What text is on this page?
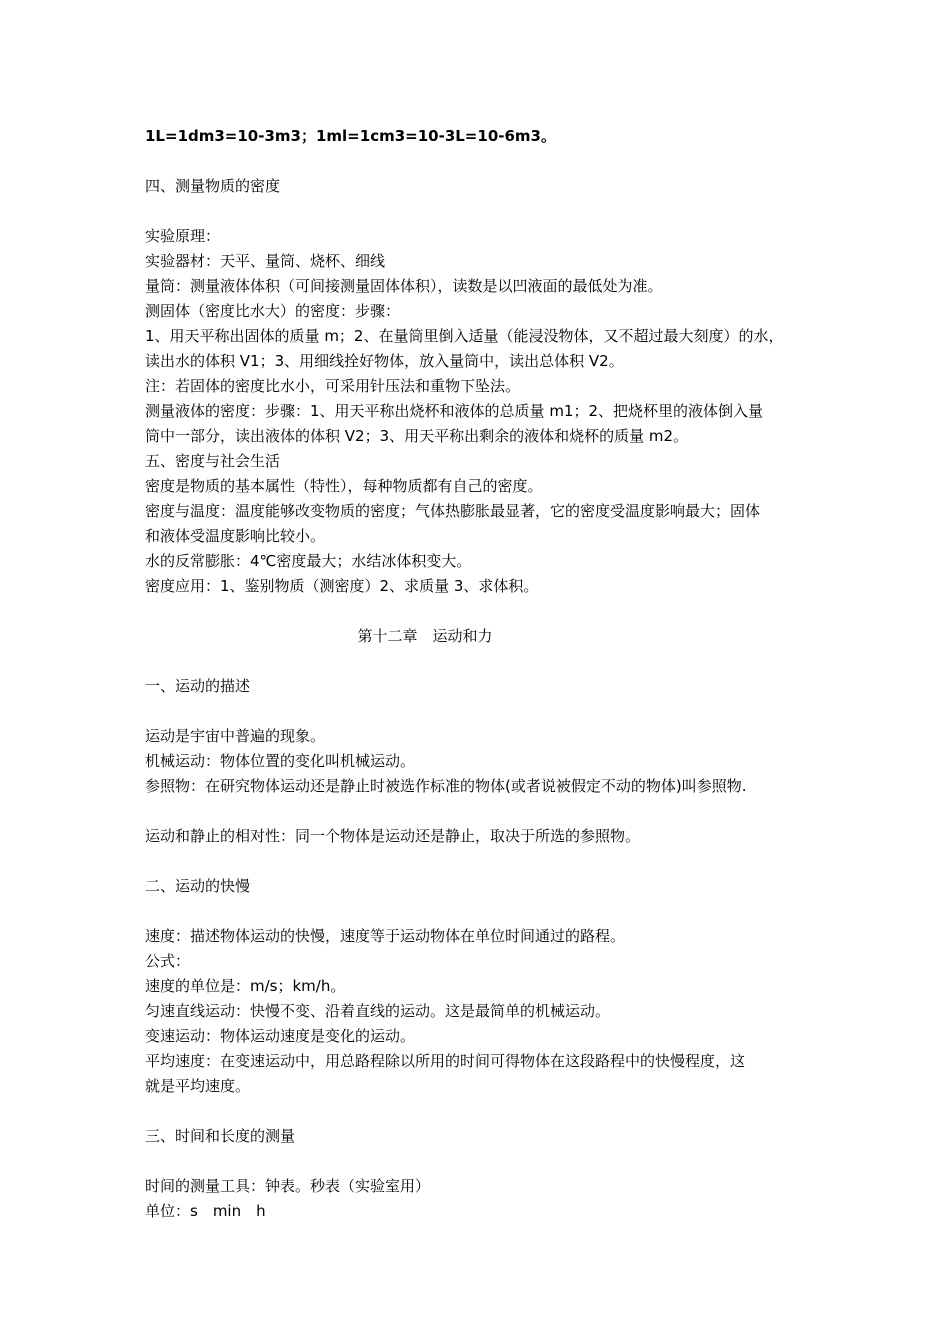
1L=1dm3=10-3m3；1ml=1cm3=10-3L=10-6m3。
四、测量物质的密度
实验原理：
实验器材：天平、量筒、烧杯、细线
量筒：测量液体体积（可间接测量固体体积），读数是以凹液面的最低处为准。
测固体（密度比水大）的密度：步骤：
1、用天平称出固体的质量 m；2、在量筒里倒入适量（能浸没物体，又不超过最大刻度）的水，
读出水的体积 V1；3、用细线拴好物体，放入量筒中，读出总体积 V2。
注：若固体的密度比水小，可采用针压法和重物下坠法。
测量液体的密度：步骤：1、用天平称出烧杯和液体的总质量 m1；2、把烧杯里的液体倒入量
筒中一部分，读出液体的体积 V2；3、用天平称出剩余的液体和烧杯的质量 m2。
五、密度与社会生活
密度是物质的基本属性（特性），每种物质都有自己的密度。
密度与温度：温度能够改变物质的密度；气体热膨胀最显著，它的密度受温度影响最大；固体
和液体受温度影响比较小。
水的反常膨胀：4℃密度最大；水结冰体积变大。
密度应用：1、鉴别物质（测密度）2、求质量 3、求体积。
第十二章　运动和力
一、运动的描述
运动是宇宙中普遍的现象。
机械运动：物体位置的变化叫机械运动。
参照物：在研究物体运动还是静止时被选作标准的物体(或者说被假定不动的物体)叫参照物.
运动和静止的相对性：同一个物体是运动还是静止，取决于所选的参照物。
二、运动的快慢
速度：描述物体运动的快慢，速度等于运动物体在单位时间通过的路程。
公式：
速度的单位是：m/s；km/h。
匀速直线运动：快慢不变、沿着直线的运动。这是最简单的机械运动。
变速运动：物体运动速度是变化的运动。
平均速度：在变速运动中，用总路程除以所用的时间可得物体在这段路程中的快慢程度，这
就是平均速度。
三、时间和长度的测量
时间的测量工具：钟表。秒表（实验室用）
单位：s　min　h
